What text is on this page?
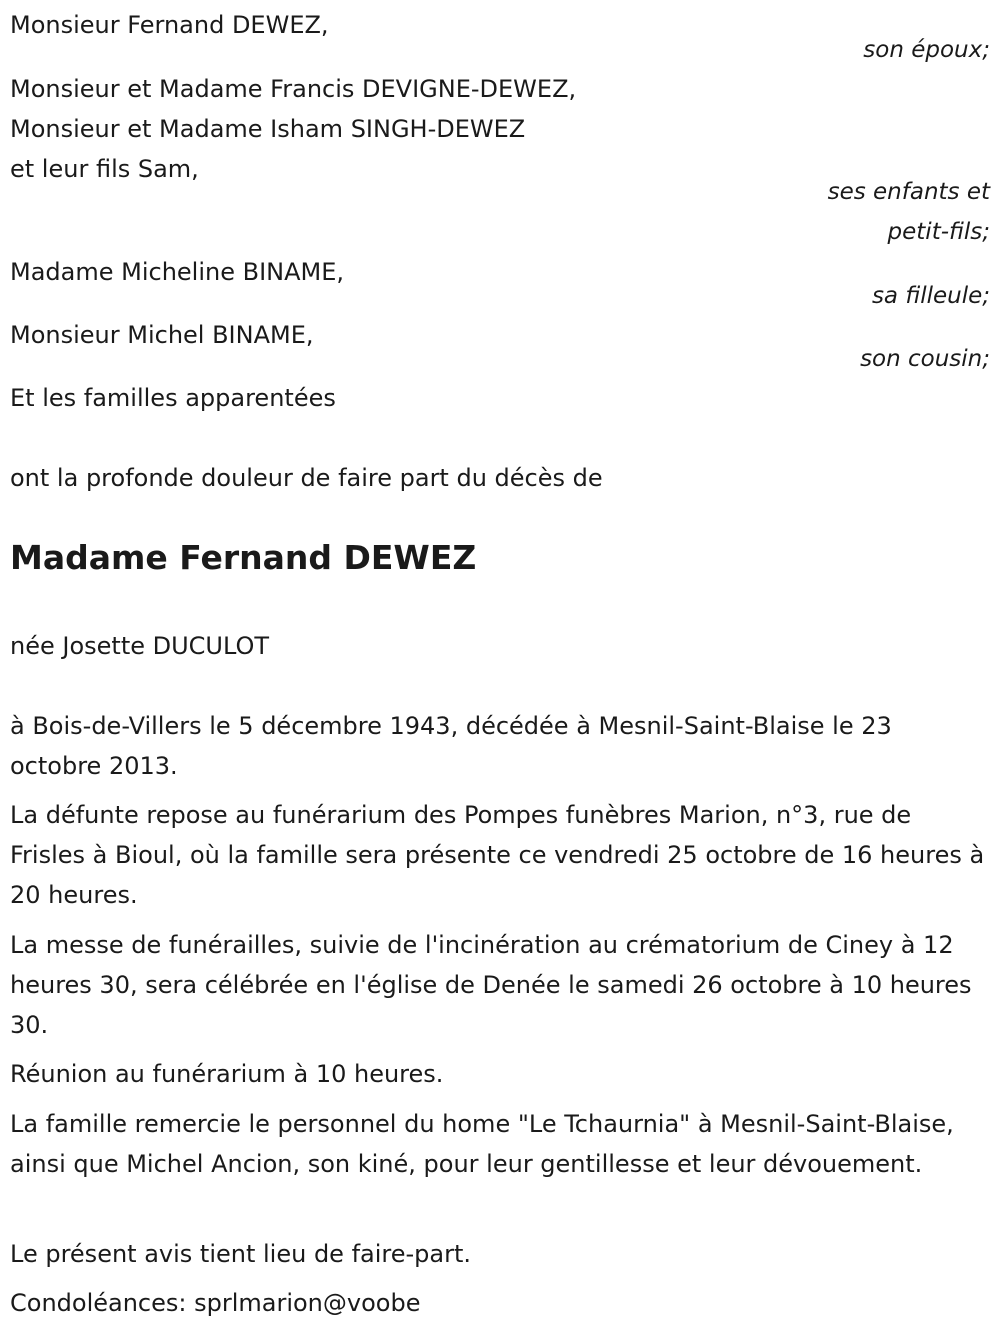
Monsieur Fernand DEWEZ,
son époux;
Monsieur et Madame Francis DEVIGNE-DEWEZ,
Monsieur et Madame Isham SINGH-DEWEZ
et leur fils Sam,
ses enfants et
petit-fils;
Madame Micheline BINAME,
sa filleule;
Monsieur Michel BINAME,
son cousin;
Et les familles apparentées
ont la profonde douleur de faire part du décès de
Madame Fernand DEWEZ
née Josette DUCULOT

à Bois-de-Villers le 5 décembre 1943, décédée à Mesnil-Saint-Blaise le 23 octobre 2013.

La défunte repose au funérarium des Pompes funèbres Marion, n°3, rue de Frisles à Bioul, où la famille sera présente ce vendredi 25 octobre de 16 heures à 20 heures.

La messe de funérailles, suivie de l'incinération au crématorium de Ciney à 12 heures 30, sera célébrée en l'église de Denée le samedi 26 octobre à 10 heures 30.

Réunion au funérarium à 10 heures.

La famille remercie le personnel du home "Le Tchaurnia" à Mesnil-Saint-Blaise, ainsi que Michel Ancion, son kiné, pour leur gentillesse et leur dévouement.

Le présent avis tient lieu de faire-part.

Condoléances: sprlmarion@voobe
